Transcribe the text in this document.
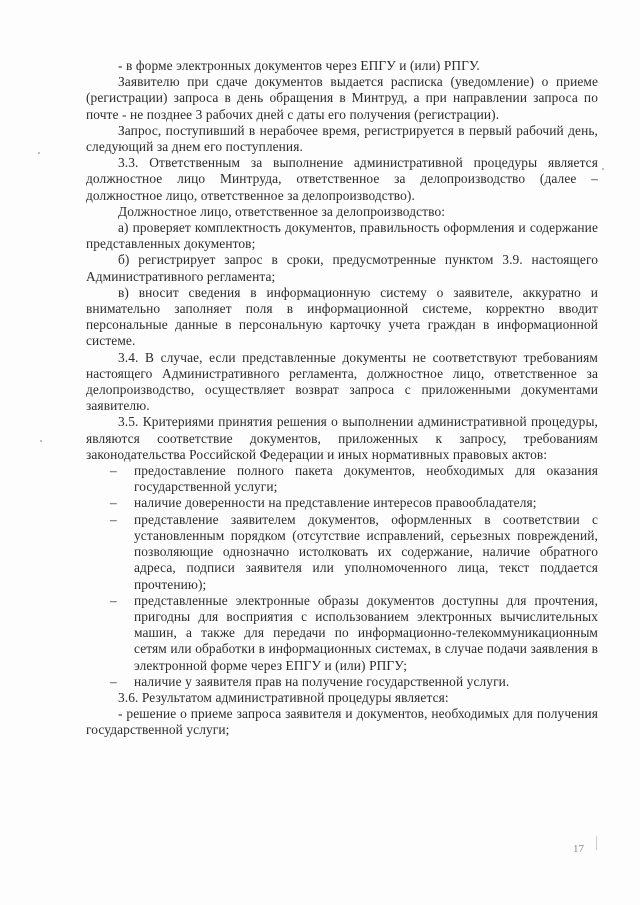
- в форме электронных документов через ЕПГУ и (или) РПГУ.

Заявителю при сдаче документов выдается расписка (уведомление) о приеме (регистрации) запроса в день обращения в Минтруд, а при направлении запроса по почте - не позднее 3 рабочих дней с даты его получения (регистрации).

Запрос, поступивший в нерабочее время, регистрируется в первый рабочий день, следующий за днем его поступления.

3.3. Ответственным за выполнение административной процедуры является должностное лицо Минтруда, ответственное за делопроизводство (далее – должностное лицо, ответственное за делопроизводство).

Должностное лицо, ответственное за делопроизводство:

а) проверяет комплектность документов, правильность оформления и содержание представленных документов;

б) регистрирует запрос в сроки, предусмотренные пунктом 3.9. настоящего Административного регламента;

в) вносит сведения в информационную систему о заявителе, аккуратно и внимательно заполняет поля в информационной системе, корректно вводит персональные данные в персональную карточку учета граждан в информационной системе.

3.4. В случае, если представленные документы не соответствуют требованиям настоящего Административного регламента, должностное лицо, ответственное за делопроизводство, осуществляет возврат запроса с приложенными документами заявителю.

3.5. Критериями принятия решения о выполнении административной процедуры, являются соответствие документов, приложенных к запросу, требованиям законодательства Российской Федерации и иных нормативных правовых актов:

– предоставление полного пакета документов, необходимых для оказания государственной услуги;

– наличие доверенности на представление интересов правообладателя;

– представление заявителем документов, оформленных в соответствии с установленным порядком (отсутствие исправлений, серьезных повреждений, позволяющие однозначно истолковать их содержание, наличие обратного адреса, подписи заявителя или уполномоченного лица, текст поддается прочтению);

– представленные электронные образы документов доступны для прочтения, пригодны для восприятия с использованием электронных вычислительных машин, а также для передачи по информационно-телекоммуникационным сетям или обработки в информационных системах, в случае подачи заявления в электронной форме через ЕПГУ и (или) РПГУ;

– наличие у заявителя прав на получение государственной услуги.

3.6. Результатом административной процедуры является:

- решение о приеме запроса заявителя и документов, необходимых для получения государственной услуги;

17
